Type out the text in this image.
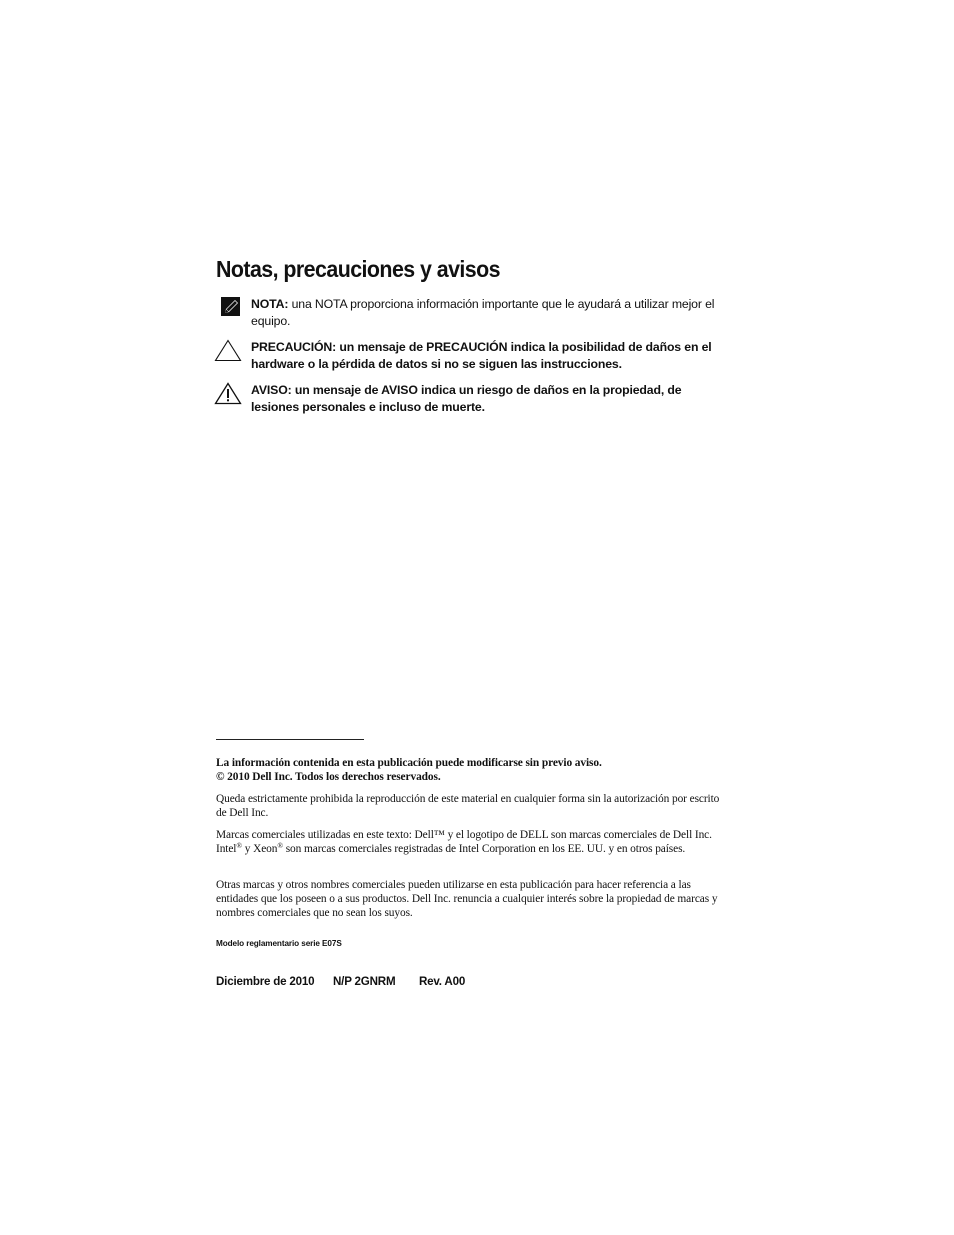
Notas, precauciones y avisos
NOTA: una NOTA proporciona información importante que le ayudará a utilizar mejor el equipo.
PRECAUCIÓN: un mensaje de PRECAUCIÓN indica la posibilidad de daños en el hardware o la pérdida de datos si no se siguen las instrucciones.
AVISO: un mensaje de AVISO indica un riesgo de daños en la propiedad, de lesiones personales e incluso de muerte.

La información contenida en esta publicación puede modificarse sin previo aviso.

© 2010 Dell Inc. Todos los derechos reservados.

Queda estrictamente prohibida la reproducción de este material en cualquier forma sin la autorización por escrito de Dell Inc.

Marcas comerciales utilizadas en este texto: Dell™ y el logotipo de DELL son marcas comerciales de Dell Inc. Intel® y Xeon® son marcas comerciales registradas de Intel Corporation en los EE. UU. y en otros países.

Otras marcas y otros nombres comerciales pueden utilizarse en esta publicación para hacer referencia a las entidades que los poseen o a sus productos. Dell Inc. renuncia a cualquier interés sobre la propiedad de marcas y nombres comerciales que no sean los suyos.

Modelo reglamentario serie E07S
Diciembre de 2010 N/P 2GNRM Rev. A00
